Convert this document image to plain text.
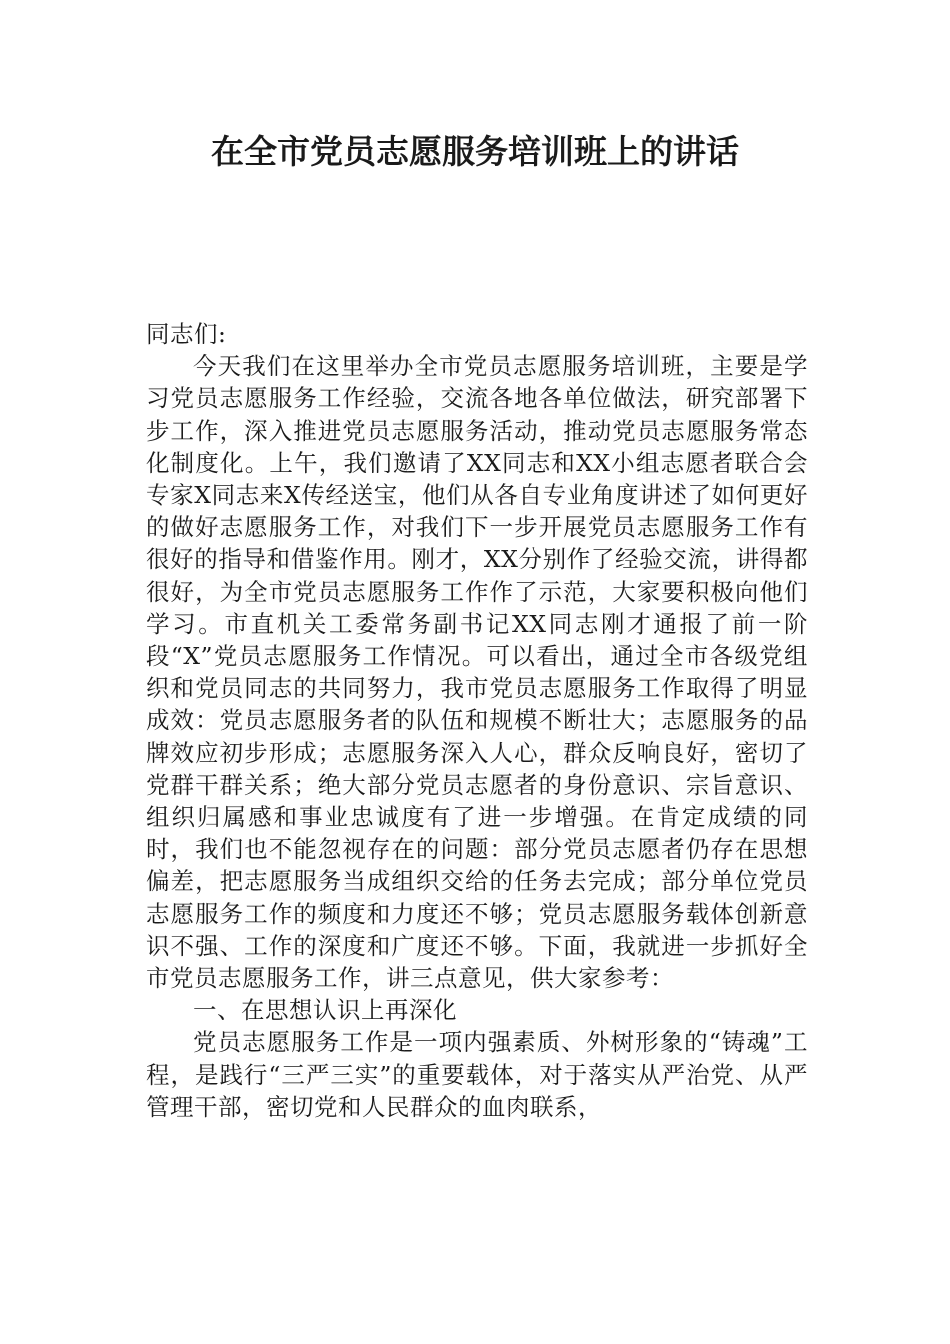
在全市党员志愿服务培训班上的讲话

同志们:

今天我们在这里举办全市党员志愿服务培训班，主要是学习党员志愿服务工作经验，交流各地各单位做法，研究部署下步工作，深入推进党员志愿服务活动，推动党员志愿服务常态化制度化。上午，我们邀请了XX同志和XX小组志愿者联合会专家X同志来X传经送宝，他们从各自专业角度讲述了如何更好的做好志愿服务工作，对我们下一步开展党员志愿服务工作有很好的指导和借鉴作用。刚才，XX分别作了经验交流，讲得都很好，为全市党员志愿服务工作作了示范，大家要积极向他们学习。市直机关工委常务副书记XX同志刚才通报了前一阶段“X”党员志愿服务工作情况。可以看出，通过全市各级党组织和党员同志的共同努力，我市党员志愿服务工作取得了明显成效：党员志愿服务者的队伍和规模不断壮大；志愿服务的品牌效应初步形成；志愿服务深入人心，群众反响良好，密切了党群干群关系；绝大部分党员志愿者的身份意识、宗旨意识、组织归属感和事业忠诚度有了进一步增强。在肯定成绩的同时，我们也不能忽视存在的问题：部分党员志愿者仍存在思想偏差，把志愿服务当成组织交给的任务去完成；部分单位党员志愿服务工作的频度和力度还不够；党员志愿服务载体创新意识不强、工作的深度和广度还不够。下面，我就进一步抓好全市党员志愿服务工作，讲三点意见，供大家参考：

一、在思想认识上再深化

党员志愿服务工作是一项内强素质、外树形象的“铸魂”工程，是践行“三严三实”的重要载体，对于落实从严治党、从严管理干部，密切党和人民群众的血肉联系，
